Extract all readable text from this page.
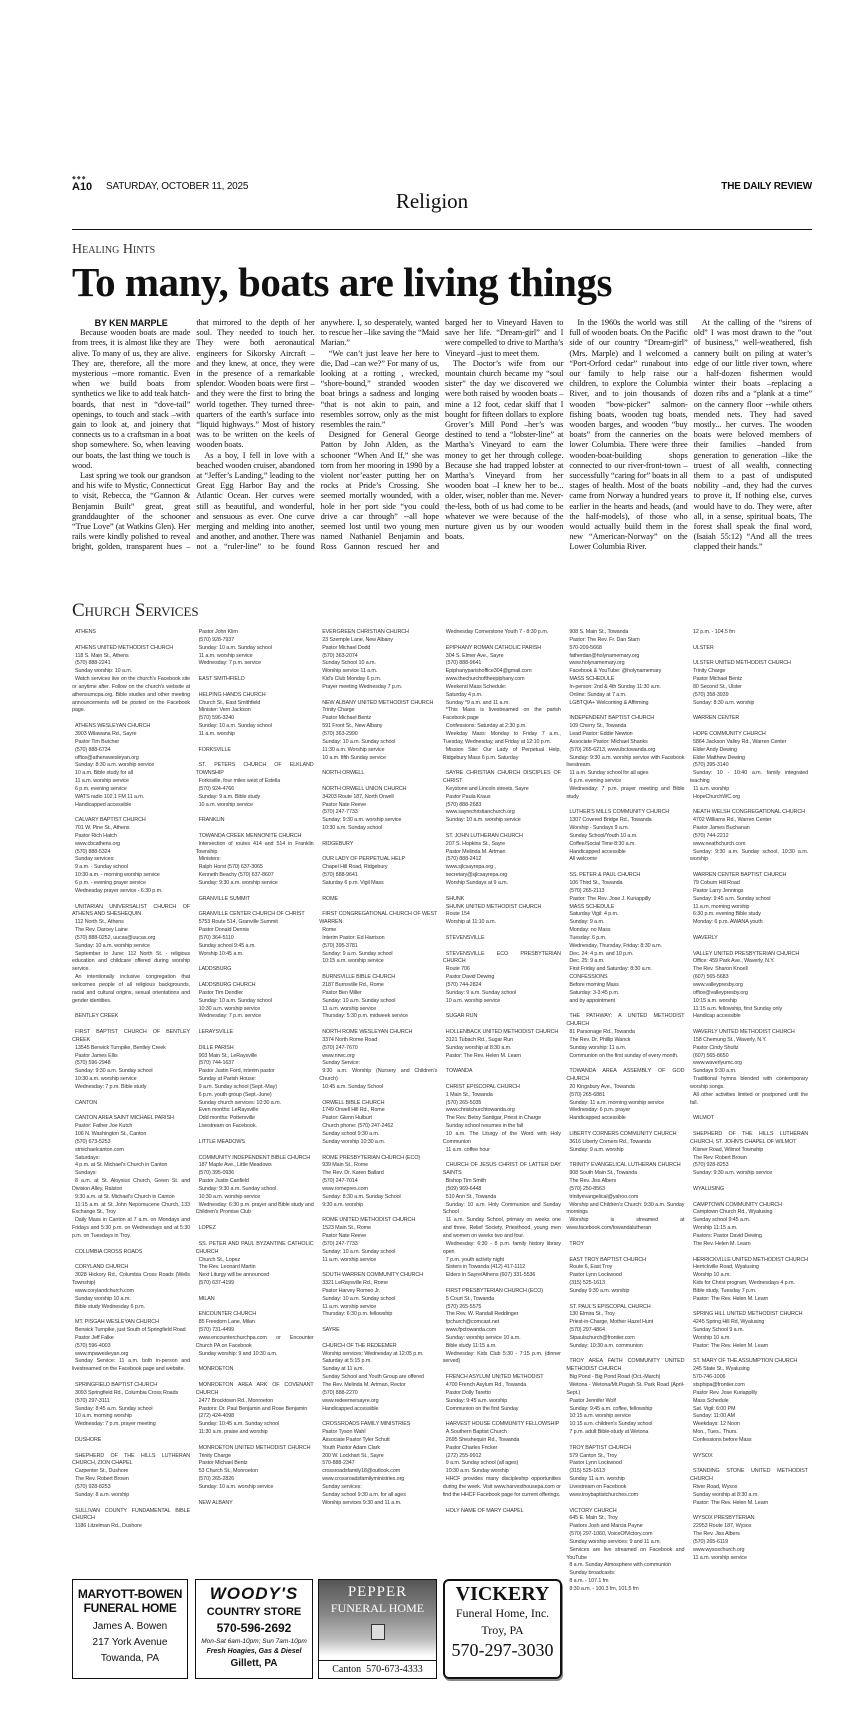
◆◆◆
A10 SATURDAY, OCTOBER 11, 2025	THE DAILY REVIEW
Religion
Healing Hints
To many, boats are living things

BY KEN MARPLE

Because wooden boats are made from trees, it is almost like they are alive. To many of us, they are alive. They are, therefore, all the more mysterious --more romantic. Even when we build boats from synthetics we like to add teak hatch-boards, that nest in “dove-tail” openings, to touch and stack –with gain to look at, and joinery that connects us to a craftsman in a boat shop somewhere. So, when leaving our boats, the last thing we touch is wood.

Last spring we took our grandson and his wife to Mystic, Connecticut to visit, Rebecca, the “Gannon & Benjamin Built” great, great granddaughter of the schooner “True Love” (at Watkins Glen). Her rails were kindly polished to reveal bright, golden, transparent hues –that mirrored to the depth of her soul. They needed to touch her. They were both aeronautical engineers for Sikorsky Aircraft –and they knew, at once, they were in the presence of a remarkable splendor. Wooden boats were first –and they were the first to bring the world together. They turned three-quarters of the earth’s surface into “liquid highways.” Most of history was to be written on the keels of wooden boats.

As a boy, I fell in love with a beached wooden cruiser, abandoned at “Jeffer’s Landing,” leading to the Great Egg Harbor Bay and the Atlantic Ocean. Her curves were still as beautiful, and wonderful, and sensuous as ever. One curve merging and melding into another, and another, and another. There was not a “ruler-line” to be found anywhere. I, so desperately, wanted to rescue her –like saving the “Maid Marian.”

“We can’t just leave her here to die, Dad –can we?” For many of us, looking at a rotting , wrecked, “shore-bound,” stranded wooden boat brings a sadness and longing “that is not akin to pain, and resembles sorrow, only as the mist resembles the rain.”

Designed for General George Patton by John Alden, as the schooner “When And If,” she was torn from her mooring in 1990 by a violent nor’easter putting her on rocks at Pride’s Crossing. She seemed mortally wounded, with a hole in her port side “you could drive a car through” --all hope seemed lost until two young men named Nathaniel Benjamin and Ross Gannon rescued her and barged her to Vineyard Haven to save her life. “Dream-girl” and I were compelled to drive to Martha’s Vineyard –just to meet them.

The Doctor’s wife from our mountain church became my “soul sister” the day we discovered we were both raised by wooden boats –mine a 12 foot, cedar skiff that I bought for fifteen dollars to explore Grover’s Mill Pond –her’s was destined to tend a “lobster-line” at Martha’s Vineyard to earn the money to get her through college. Because she had trapped lobster at Martha’s Vineyard from her wooden boat –I knew her to be... older, wiser, nobler than me. Never-the-less, both of us had come to be whatever we were because of the nurture given us by our wooden boats.

In the 1960s the world was still full of wooden boats. On the Pacific side of our country “Dream-girl” (Mrs. Marple) and I welcomed a “Port-Orford cedar” runabout into our family to help raise our children, to explore the Columbia River, and to join thousands of wooden “bow-picker” salmon-fishing boats, wooden tug boats, wooden barges, and wooden “buy boats” from the canneries on the lower Columbia. There were three wooden-boat-building shops connected to our river-front-town –successfully “caring for” boats in all stages of health. Most of the boats came from Norway a hundred years earlier in the hearts and heads, (and the half-models), of those who would actually build them in the new “American-Norway” on the Lower Columbia River.

At the calling of the “sirens of old” I was most drawn to the “out of business,” well-weathered, fish cannery built on piling at water’s edge of our little river town, where a half-dozen fishermen would winter their boats –replacing a dozen ribs and a “plank at a time” on the cannery floor --while others mended nets. They had saved mostly... her curves. The wooden boats were beloved members of their families –handed from generation to generation –like the truest of all wealth, connecting them to a past of undisputed nobility –and, they had the curves to prove it, If nothing else, curves would have to do. They were, after all, in a sense, spiritual boats, The forest shall speak the final word, (Isaiah 55:12) “And all the trees clapped their hands.”

Church Services
ATHENS
ATHENS UNITED METHODIST CHURCH
118 S. Main St., Athens
(570) 888-2241
Sunday worship: 10 a.m.
Watch services live on the church's Facebook site or anytime after. Follow on the church's website at athensumcpa.org. Bible studies and other meeting announcements will be posted on the Facebook page.
ATHENS WESLEYAN CHURCH
3903 Wilawana Rd., Sayre
Pastor Tim Butcher
(570) 888-6734
office@athenswesleyan.org
Sunday: 8:30 a.m. worship service
10 a.m. Bible study for all
11 a.m. worship service
6 p.m. evening service
WATS radio 102.1 FM 11 a.m.
Handicapped accessible
CALVARY BAPTIST CHURCH
701 W. Pine St., Athens
Pastor Rich Hatch
www.cbcathens.org
(570) 888-5324
Sunday services:
9 a.m. - Sunday school
10:30 a.m. - morning worship service
6 p.m. - evening prayer service
Wednesday prayer service - 6:30 p.m.
UNITARIAN UNIVERSALIST CHURCH OF ATHENS AND SHESHEQUIN
112 North St., Athens
The Rev. Darcey Laine
(570) 888-0252, uucas@uucas.org
Sunday: 10 a.m. worship service
September to June: 112 North St. - religious education and childcare offered during worship service.
An intentionally inclusive congregation that welcomes people of all religious backgrounds, racial and cultural origins, sexual orientations and gender identities.
BENTLEY CREEK
FIRST BAPTIST CHURCH OF BENTLEY CREEK
13545 Berwick Turnpike, Bentley Creek
Pastor James Ellis
(570) 596-2948
Sunday: 9:30 a.m. Sunday school
10:30 a.m. worship service
Wednesday: 7 p.m. Bible study
CANTON
CANTON AREA SAINT MICHAEL PARISH
Pastor: Father Joe Kutch
106 N. Washington St., Canton
(570) 673-5253
stmichaelcanton.com
Saturdays:
4 p.m. at St. Michael's Church in Canton
Sundays:
8 a.m. at St. Aloysius Church, Green St. and Division Alley, Ralston
9:30 a.m. at St. Michael's Church in Canton
11:15 a.m. at St. John Nepomucene Church, 133 Exchange St., Troy
Daily Mass in Canton at 7 a.m. on Mondays and Fridays and 5:30 p.m. on Wednesdays and at 5:30 p.m. on Tuesdays in Troy.
COLUMBIA CROSS ROADS
CORYLAND CHURCH
3028 Hickory Rd., Columbia Cross Roads (Wells Township)
www.corylandchurch.com
Sunday worship 10 a.m.
Bible study Wednesday 6 p.m.
MT. PISGAH WESLEYAN CHURCH
Berwick Turnpike, just South of Springfield Road
Pastor Jeff Falke
(570) 596-4003
www.mpawesleyan.org
Sunday Service: 11 a.m. both in-person and livestreamed on the Facebook page and website.
SPRINGFIELD BAPTIST CHURCH
3093 Springfield Rd., Columbia Cross Roads
(570) 297-3111
Sunday: 8:45 a.m. Sunday school
10 a.m. morning worship
Wednesday: 7 p.m. prayer meeting
DUSHORE
SHEPHERD OF THE HILLS LUTHERAN CHURCH, ZION CHAPEL
Carpenter St., Dushore
The Rev. Robert Brown
(570) 928-8253
Sunday: 8 a.m. worship
SULLIVAN COUNTY FUNDAMENTAL BIBLE CHURCH
1186 Litzelman Rd., Dushore
Pastor John Klim
(570) 928-7937
Sunday: 10 a.m. Sunday school
11 a.m. worship service
Wednesday: 7 p.m. service
EAST SMITHFIELD
HELPING HANDS CHURCH
Church St., East Smithfield
Minister: Vern Jackson
(570) 596-3240
Sunday: 10 a.m. Sunday school
11 a.m. worship
FORKSVILLE
ST. PETERS CHURCH OF ELKLAND TOWNSHIP
Forksville, four miles west of Estella
(570) 924-4766
Sunday: 9 a.m. Bible study
10 a.m. worship service
FRANKLIN
TOWANDA CREEK MENNONITE CHURCH
Intersection of routes 414 and 514 in Franklin Township
Ministers:
Ralph Horst (570) 637-3065
Kenneth Beachy (570) 637-8607
Sunday: 9:30 a.m. worship service
GRANVILLE SUMMIT
GRANVILLE CENTER CHURCH OF CHRIST
5753 Route 514, Granville Summit
Pastor Donald Dennis
(570) 364-5110
Sunday school 9:45 a.m.
Worship 10:45 a.m.
LADDSBURG
LADDSBURG CHURCH
Pastor Tim Dendler
Sunday: 10 a.m. Sunday school
10:30 a.m. worship service
Wednesday: 7 p.m. service
LERAYSVILLE
DILLE PARISH
903 Main St., LeRaysville
(570) 744-1637
Pastor Justin Ford, interim pastor
Sunday at Parish House:
9 a.m. Sunday school (Sept.-May)
6 p.m. youth group (Sept.-June)
Sunday church services: 10:30 a.m.
Even months: LeRaysville
Odd months: Pottersville
Livestream on Facebook.
LITTLE MEADOWS
COMMUNITY INDEPENDENT BIBLE CHURCH
187 Maple Ave., Little Meadows
(570) 395-0936
Pastor Justin Canfield
Sunday: 9:30 a.m. Sunday school
10:30 a.m. worship service
Wednesday: 6:30 p.m. prayer and Bible study and Children's Promise Club
LOPEZ
SS. PETER AND PAUL BYZANTINE CATHOLIC CHURCH
Church St., Lopez
The Rev. Leonard Martin
Next Liturgy will be announced
(570) 637-4199
MILAN
ENCOUNTER CHURCH
85 Freedom Lane, Milan
(570) 731-4499
www.encounterchurchpa.com or Encounter Church PA on Facebook
Sunday worship: 9 and 10:30 a.m.
MONROETON
MONROETON AREA ARK OF COVENANT CHURCH
2477 Brocktown Rd., Monroeton
Pastors: Dr. Paul Benjamin and Rose Benjamin
(272) 424-4098
Sunday: 10:45 a.m. Sunday school
11:30 a.m. praise and worship
MONROETON UNITED METHODIST CHURCH
Trinity Charge
Pastor Michael Bentz
53 Church St., Monroeton
(570) 265-2826
Sunday: 10 a.m. worship service
NEW ALBANY
EVERGREEN CHRISTIAN CHURCH
23 Szemple Lane, New Albany
Pastor Michael Dodd
(570) 363-2074
Sunday School 10 a.m.
Worship service 11 a.m.
Kid's Club Monday 6 p.m.
Prayer meeting Wednesday 7 p.m.
NEW ALBANY UNITED METHODIST CHURCH
Trinity Charge
Pastor Michael Bentz
591 Front St., New Albany
(570) 363-2990
Sunday: 10 a.m. Sunday school
11:30 a.m. Worship service
10 a.m. fifth Sunday service
NORTH ORWELL
NORTH ORWELL UNION CHURCH
34203 Route 187, North Orwell
Pastor Nate Reeve
(570) 247-7733
Sunday: 9:30 a.m. worship service
10:30 a.m. Sunday school
RIDGEBURY
OUR LADY OF PERPETUAL HELP
Chapel Hill Road, Ridgebury
(570) 888-9641
Saturday 6 p.m. Vigil Mass
ROME
FIRST CONGREGATIONAL CHURCH OF WEST WARREN
Rome
Interim Pastor: Ed Harrison
(570) 395-3781
Sunday: 9 a.m. Sunday school
10:15 a.m. worship service
BURNSVILLE BIBLE CHURCH
2187 Burnsville Rd., Rome
Pastor Ben Miller
Sunday: 10 a.m. Sunday school
11 a.m. worship service
Thursday: 5:30 p.m. midweek service
NORTH ROME WESLEYAN CHURCH
3374 North Rome Road
(570) 247-7670
www.nrwc.org
Sunday Service:
9:30 a.m. Worship (Nursery and Children's Church)
10:45 a.m. Sunday School
ORWELL BIBLE CHURCH
1749 Orwell Hill Rd., Rome
Pastor: Glenn Hulburt
Church phone: (570) 247-2462
Sunday school 9:30 a.m.
Sunday worship 10:30 a.m.
ROME PRESBYTERIAN CHURCH (ECO)
939 Main St., Rome
The Rev. Dr. Karen Ballard
(570) 247-7014
www.romepres.com
Sunday: 8:30 a.m. Sunday School
9:30 a.m. worship
ROME UNITED METHODIST CHURCH
1523 Main St., Rome
Pastor Nate Reeve
(570) 247-7733
Sunday: 10 a.m. Sunday school
11 a.m. worship service
SOUTH WARREN COMMUNITY CHURCH
3321 LeRaysville Rd., Rome
Pastor Harvey Romeo Jr.
Sunday: 10 a.m. Sunday school
11 a.m. worship service
Thursday: 6:30 p.m. fellowship
SAYRE
CHURCH OF THE REDEEMER
Worship services: Wednesday at 12:05 p.m.
Saturday at 5:15 p.m.
Sunday at 11 a.m.
Sunday School and Youth Group are offered
The Rev. Melinda M. Artman, Rector
(570) 888-2270
www.redeemersayre.org
Handicapped accessible
CROSSROADS FAMILY MINISTRIES
Pastor Tyson Wahl
Associate Pastor Tyler Schutt
Youth Pastor Adam Clark
200 W. Lockhart St., Sayre
570-888-2347
crossroadsfamily18@outlook.com
www.crossroadsfamilyministries.org
Sunday services:
Sunday school 9:30 a.m. for all ages
Worship services 9:30 and 11 a.m.
Wednesday Cornerstone Youth 7 - 8:30 p.m.
EPIPHANY ROMAN CATHOLIC PARISH
304 S. Elmer Ave., Sayre
(570) 888-9641
Epiphanyparishoffice304@gmail.com
www.thechurchoftheepiphany.com
Weekend Mass Schedule:
Saturday 4 p.m.
Sunday *9 a.m. and 11 a.m.
*This Mass is livestreamed on the parish Facebook page
Confessions: Saturday at 2:30 p.m.
Weekday Mass: Monday to Friday 7 a.m., Tuesday, Wednesday, and Friday at 12:10 p.m.
Mission Site: Our Lady of Perpetual Help, Ridgebury Mass 6 p.m. Saturday
SAYRE CHRISTIAN CHURCH DISCIPLES OF CHRIST
Keystone and Lincoln streets, Sayre
Pastor Paula Kraus
(570) 888-2683
www.sayrechristianchurch.org
Sunday: 10 a.m. worship service
ST. JOHN LUTHERAN CHURCH
207 S. Hopkins St., Sayre
Pastor Melinda M. Artman
(570) 888-2412
www.sjlcsayrepa.org ,
secretary@sjlcsayrepa.org
Worship Sundays at 9 a.m.
SHUNK
SHUNK UNITED METHODIST CHURCH
Route 154
Worship at 11:10 a.m.
STEVENSVILLE
STEVENSVILLE ECO PRESBYTERIAN CHURCH
Route 706
Pastor David Dewing
(570) 744-2824
Sunday: 9 a.m. Sunday school
10 a.m. worship service
SUGAR RUN
HOLLENBACK UNITED METHODIST CHURCH
3121 Tubach Rd., Sugar Run
Sunday worship at 8:30 a.m.
Pastor: The Rev. Helen M. Learn
TOWANDA
CHRIST EPISCOPAL CHURCH
1 Main St., Towanda
(570) 265-5035
www.christchurchtowanda.org
The Rev. Betsy Santigar, Priest in Charge
Sunday school resumes in the fall
10 a.m. The Liturgy of the Word with Holy Communion
11 a.m. coffee hour
CHURCH OF JESUS CHRIST OF LATTER DAY SAINTS
Bishop Tim Smith
(509) 969-6448
510 Ann St., Towanda
Sunday: 10 a.m. Holy Communion and Sunday School
11 a.m. Sunday School, primary on weeks one and three, Relief Society, Priesthood, young men and women on weeks two and four.
Wednesday: 6:30 - 8 p.m. family history library open
7 p.m. youth activity night
Sisters in Towanda (412) 417-1112
Elders in Sayre/Athens (607) 331-5536
FIRST PRESBYTERIAN CHURCH (ECO)
5 Court St., Towanda
(570) 265-5575
The Rev. W. Randall Reddinger
fpchurch@comcast.net
www.fpctowanda.com
Sunday: worship service 10 a.m.
Bible study 11:15 a.m.
Wednesday: Kids Club 5:30 - 7:15 p.m. (dinner served)
FRENCH ASYLUM UNITED METHODIST
4700 French Asylum Rd., Towanda
Pastor Dolly Taretto
Sunday: 9:45 a.m. worship
Communion on the first Sunday
HARVEST HOUSE COMMUNITY FELLOWSHIP
A Southern Baptist Church
2695 Sheshequin Rd., Towanda
Pastor Charles Fricker
(272) 255-9912
9 a.m. Sunday school (all ages)
10:30 a.m. Sunday worship
HHCF provides many discipleship opportunities during the week. Visit www.harvesthousepa.com or find the HHCF Facebook page for current offerings.
HOLY NAME OF MARY CHAPEL
908 S. Main St., Towanda
Pastor: The Rev. Fr. Dan Stam
570-209-5668
fatherdan@holynamemary.org
www.holynamemary.org
Facebook & YouTube: @holynamemary
MASS SCHEDULE
In-person: 2nd & 4th Sunday 11:30 a.m.
Online: Sunday at 7 a.m.
LGBTQIA+ Welcoming & Affirming
INDEPENDENT BAPTIST CHURCH
109 Cherry St., Towanda
Lead Pastor: Eddie Newton
Associate Pastor: Michael Shanks
(570) 265-6213, www.ibctowanda.org
Sunday: 9:30 a.m. worship service with Facebook livestream.
11 a.m. Sunday school for all ages
6 p.m. evening service
Wednesday: 7 p.m. prayer meeting and Bible study
LUTHER'S MILLS COMMUNITY CHURCH
1307 Covered Bridge Rd., Towanda
Worship - Sundays 9 a.m.
Sunday School/Youth 10 a.m.
Coffee/Social Time 8:30 a.m.
Handicapped accessible
All welcome
SS. PETER & PAUL CHURCH
106 Third St., Towanda
(570) 265-2113
Pastor: The Rev. Jose J. Kuriappilly
MASS SCHEDULE
Saturday Vigil: 4 p.m.
Sunday: 9 a.m.
Monday: no Mass
Tuesday: 6 p.m.
Wednesday, Thursday, Friday: 8:30 a.m.
Dec. 24: 4 p.m. and 10 p.m.
Dec. 25: 9 a.m.
First Friday and Saturday: 8:30 a.m.
CONFESSIONS
Before morning Mass
Saturday: 3-3:45 p.m.
and by appointment
THE PATHWAY: A UNITED METHODIST CHURCH
81 Parsonage Rd., Towanda
The Rev. Dr. Phillip Wanck
Sunday worship: 11 a.m.
Communion on the first sunday of every month.
TOWANDA AREA ASSEMBLY OF GOD CHURCH
20 Kingsbury Ave., Towanda
(570) 265-6881
Sunday: 11 a.m. morning worship service
Wednesday: 6 p.m. prayer
Handicapped accessible
LIBERTY CORNERS COMMUNITY CHURCH
3616 Liberty Corners Rd., Towanda
Sunday: 9 a.m. worship
TRINITY EVANGELICAL LUTHERAN CHURCH
908 South Main St., Towanda
The Rev. Jiss Albers
(570) 250-8563
trinityevangelical@yahoo.com
Worship and Children's Church: 9:30 a.m. Sunday mornings
Worship is streamed at www.facebook.com/towandalutheran
TROY
EAST TROY BAPTIST CHURCH
Route 6, East Troy
Pastor Lynn Lockwood
(315) 525-1613
Sunday 9:30 a.m. worship
ST. PAUL'S EPISCOPAL CHURCH
130 Elmira St., Troy
Priest-in-Charge, Mother Hazel Hunt
(570) 297-4864
Stpaulschurch@frontier.com
Sunday: 10:30 a.m. communion
TROY AREA FAITH COMMUNITY UNITED METHODIST CHURCH
Big Pond - Big Pond Road (Oct.-March)
Wetona - Wetona/Mt.Pisgah St. Park Road (April-Sept.)
Pastor Jennifer Wolf
Sunday: 9:45 a.m. coffee, fellowship
10:15 a.m. worship service
10:15 a.m. children's Sunday school
7 p.m. adult Bible-study at Wetona
TROY BAPTIST CHURCH
579 Canton St., Troy
Pastor Lynn Lockwood
(315) 525-1613
Sunday 11 a.m. worship
Livestream on Facebook
www.troybaptistchurches.com
VICTORY CHURCH
645 E. Main St., Troy
Pastors Josh and Marcia Payne
(570) 297-1060, VoiceOfVictory.com
Sunday worship services: 9 and 11 a.m.
Services are live streamed on Facebook and YouTube
8 a.m. Sunday Atmosphere with communion
Sunday broadcasts:
8 a.m. - 107.1 fm
8:30 a.m. - 100.3 fm, 101.5 fm
12 p.m. - 104.5 fm
ULSTER
ULSTER UNITED METHODIST CHURCH
Trinity Charge
Pastor Michael Bentz
80 Second St., Ulster
(570) 358-3939
Sunday: 8:30 a.m. worship
WARREN CENTER
HOPE COMMUNITY CHURCH
5864 Jackson Valley Rd., Warren Center
Elder Andy Dewing
Elder Matthew Dewing
(570) 395-3140
Sunday: 10 - 10:40 a.m. family integrated teaching
11 a.m. worship
HopeChurchWC.org
NEATH WELSH CONGREGATIONAL CHURCH
4702 Williams Rd., Warren Center
Pastor James Buchanan
(570) 744-2212
www.neathchurch.com
Sunday: 9:30 a.m. Sunday school, 10:30 a.m. worship
WARREN CENTER BAPTIST CHURCH
79 Coburn Hill Road
Pastor Larry Jennings
Sunday: 9:45 a.m. Sunday school
11 a.m. morning worship
6:30 p.m. evening Bible study
Monday: 6 p.m. AWANA youth
WAVERLY
VALLEY UNITED PRESBYTERIAN CHURCH
Office: 459 Park Ave., Waverly, N.Y.
The Rev. Sharon Knoell
(607) 565-5683
www.valleypresby.org
office@valleypresby.org
10:15 a.m. worship
11:15 a.m. fellowship, first Sunday only
Handicap accessible
WAVERLY UNITED METHODIST CHURCH
158 Chemung St., Waverly, N.Y.
Pastor Cindy Shultz
(607) 565-8650
www.waverlyumc.org
Sundays 9:30 a.m.
Traditional hymns blended with contemporary worship songs.
All other activities limited or postponed until the fall.
WILMOT
SHEPHERD OF THE HILLS LUTHERAN CHURCH, ST. JOHN'S CHAPEL OF WILMOT
Kisner Road, Wilmot Township
The Rev. Robert Brown
(570) 928-8253
Sunday: 9:30 a.m. worship service
WYALUSING
CAMPTOWN COMMUNITY CHURCH
Camptown Church Rd., Wyalusing
Sunday school 9:45 a.m.
Worship 11:15 a.m.
Pastors: Pastor David Dewing
The Rev. Helen M. Learn
HERRICKVILLE UNITED METHODIST CHURCH
Herrickville Road, Wyalusing
Worship 10 a.m.
Kids for Christ program, Wednesdays 4 p.m.
Bible study, Tuesday 7 p.m.
Pastor: The Rev. Helen M. Learn
SPRING HILL UNITED METHODIST CHURCH
4245 Spring Hill Rd, Wyalusing
Sunday School 9 a.m.
Worship 10 a.m.
Pastor: The Rev. Helen M. Learn
ST. MARY OF THE ASSUMPTION CHURCH
245 State St., Wyalusing
570-746-1006
stsphipa@frontier.com
Pastor Rev. Jose Kuriappilly
Mass Schedule
Sat. Vigil: 6:00 PM
Sunday: 11:00 AM
Weekdays: 12 Noon
Mon., Tues., Thurs.
Confessions before Mass
WYSOX
STANDING STONE UNITED METHODIST CHURCH
River Road, Wysox
Sunday worship at 8:30 a.m.
Pastor: The Rev. Helen M. Learn
WYSOX PRESBYTERIAN
22953 Route 187, Wysox
The Rev. Jiss Albers
(570) 265-6119
www.wysoxchurch.org
11 a.m. worship service
MARYOTT-BOWEN
FUNERAL HOME
James A. Bowen
217 York Avenue
Towanda, PA
WOODY'S
COUNTRY STORE
570-596-2692
Mon-Sat 6am-10pm; Sun 7am-10pm
Fresh Hoagies, Gas & Diesel
Gillett, PA
PEPPER
FUNERAL HOME
Canton 570-673-4333
VICKERY
Funeral Home, Inc.
Troy, PA
570-297-3030
